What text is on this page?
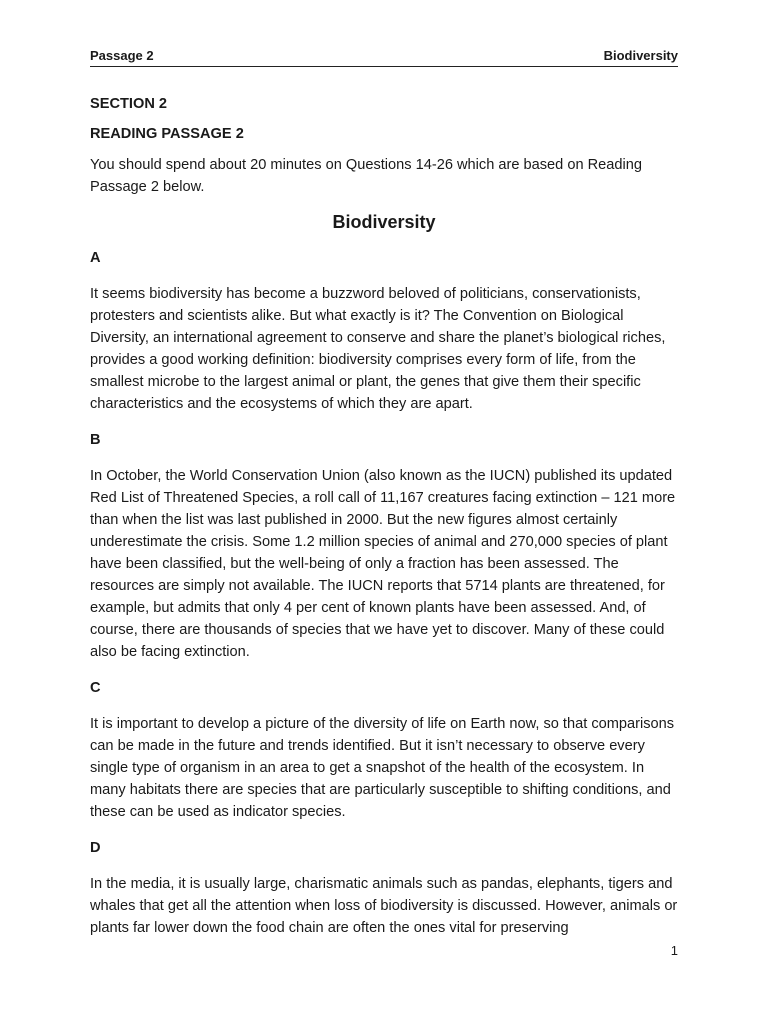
Passage 2	Biodiversity
SECTION 2
READING PASSAGE 2
You should spend about 20 minutes on Questions 14-26 which are based on Reading Passage 2 below.
Biodiversity
A
It seems biodiversity has become a buzzword beloved of politicians, conservationists, protesters and scientists alike. But what exactly is it? The Convention on Biological Diversity, an international agreement to conserve and share the planet’s biological riches, provides a good working definition: biodiversity comprises every form of life, from the smallest microbe to the largest animal or plant, the genes that give them their specific characteristics and the ecosystems of which they are apart.
B
In October, the World Conservation Union (also known as the IUCN) published its updated Red List of Threatened Species, a roll call of 11,167 creatures facing extinction – 121 more than when the list was last published in 2000. But the new figures almost certainly underestimate the crisis. Some 1.2 million species of animal and 270,000 species of plant have been classified, but the well-being of only a fraction has been assessed. The resources are simply not available. The IUCN reports that 5714 plants are threatened, for example, but admits that only 4 per cent of known plants have been assessed. And, of course, there are thousands of species that we have yet to discover. Many of these could also be facing extinction.
C
It is important to develop a picture of the diversity of life on Earth now, so that comparisons can be made in the future and trends identified. But it isn’t necessary to observe every single type of organism in an area to get a snapshot of the health of the ecosystem. In many habitats there are species that are particularly susceptible to shifting conditions, and these can be used as indicator species.
D
In the media, it is usually large, charismatic animals such as pandas, elephants, tigers and whales that get all the attention when loss of biodiversity is discussed. However, animals or plants far lower down the food chain are often the ones vital for preserving
1
